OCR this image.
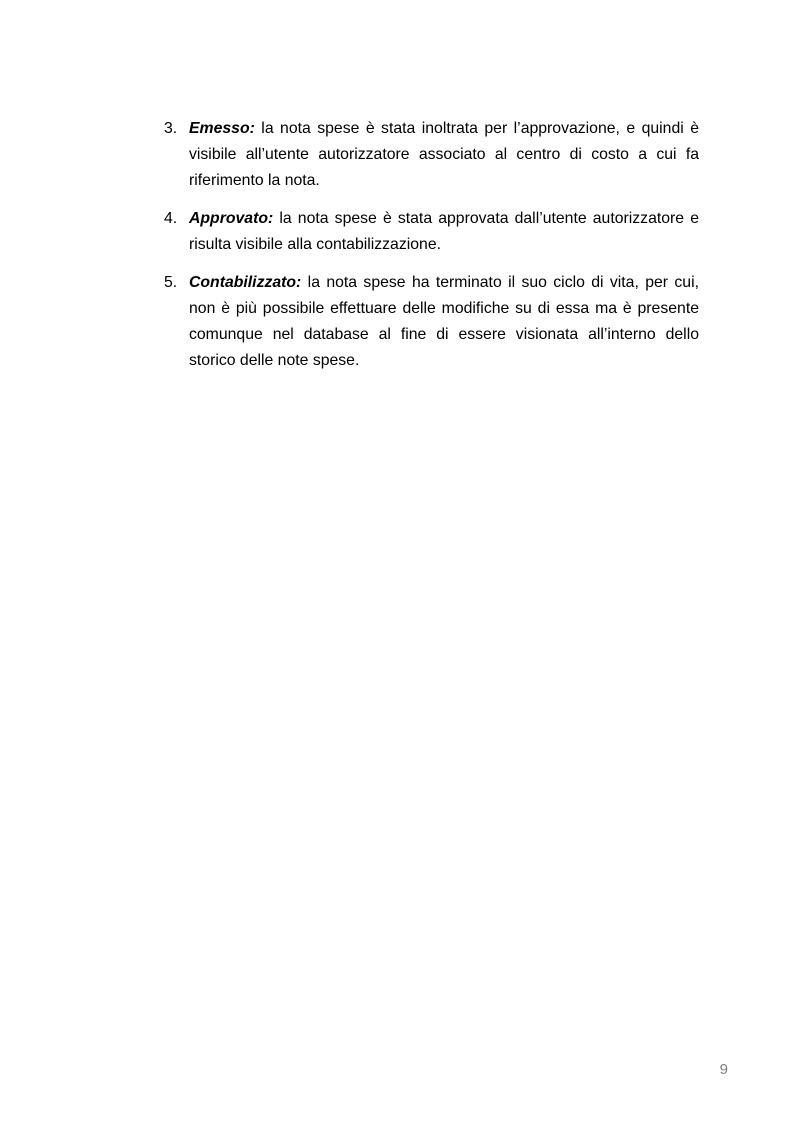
3. Emesso: la nota spese è stata inoltrata per l’approvazione, e quindi è visibile all’utente autorizzatore associato al centro di costo a cui fa riferimento la nota.
4. Approvato: la nota spese è stata approvata dall’utente autorizzatore e risulta visibile alla contabilizzazione.
5. Contabilizzato: la nota spese ha terminato il suo ciclo di vita, per cui, non è più possibile effettuare delle modifiche su di essa ma è presente comunque nel database al fine di essere visionata all’interno dello storico delle note spese.
9
